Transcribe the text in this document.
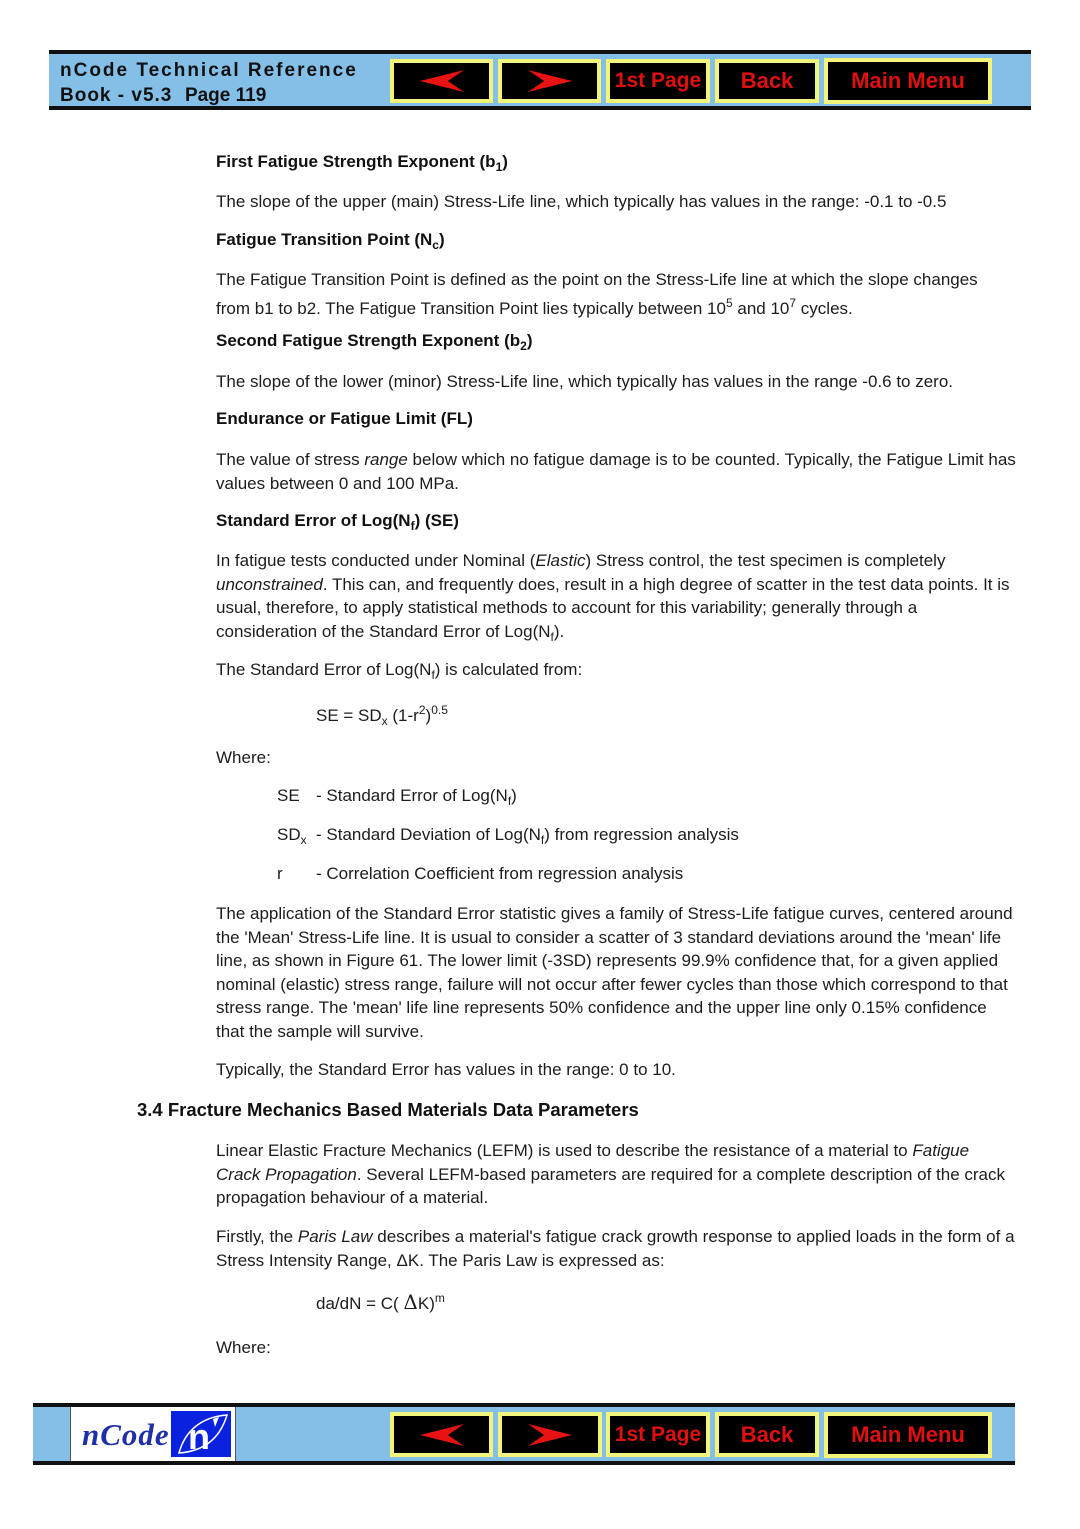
nCode Technical Reference
Book - v5.3 Page 119
1st Page	Back	Main Menu
First Fatigue Strength Exponent $(b_1)$
The slope of the upper (main) Stress-Life line, which typically has values in the range: -0.1 to -0.5
Fatigue Transition Point $(N_c)$
The Fatigue Transition Point is defined as the point on the Stress-Life line at which the slope changes
from b1 to b2. The Fatigue Transition Point lies typically between $10^5$ and $10^7$ cycles.
Second Fatigue Strength Exponent $(b_2)$
The slope of the lower (minor) Stress-Life line, which typically has values in the range -0.6 to zero.
Endurance or Fatigue Limit (FL)
The value of stress range below which no fatigue damage is to be counted. Typically, the Fatigue Limit has values between 0 and 100 MPa.
Standard Error of $Log(N_f)$ (SE)
In fatigue tests conducted under Nominal (Elastic) Stress control, the test specimen is completely unconstrained. This can, and frequently does, result in a high degree of scatter in the test data points. It is usual, therefore, to apply statistical methods to account for this variability; generally through a consideration of the Standard Error of $Log(N_f)$.
The Standard Error of $Log(N_f)$ is calculated from:
SE = $SD_x$ $(1-r^2)^{0.5}$
Where:
SE - Standard Error of $Log(N_f)$
$SD_x$ - Standard Deviation of $Log(N_f)$ from regression analysis
r - Correlation Coefficient from regression analysis
The application of the Standard Error statistic gives a family of Stress-Life fatigue curves, centered around the 'Mean' Stress-Life line. It is usual to consider a scatter of 3 standard deviations around the 'mean' life line, as shown in Figure 61. The lower limit (-3SD) represents 99.9% confidence that, for a given applied nominal (elastic) stress range, failure will not occur after fewer cycles than those which correspond to that stress range. The 'mean' life line represents 50% confidence and the upper line only 0.15% confidence that the sample will survive.
Typically, the Standard Error has values in the range: 0 to 10.
3.4 Fracture Mechanics Based Materials Data Parameters
Linear Elastic Fracture Mechanics (LEFM) is used to describe the resistance of a material to Fatigue Crack Propagation. Several LEFM-based parameters are required for a complete description of the crack propagation behaviour of a material.
Firstly, the Paris Law describes a material's fatigue crack growth response to applied loads in the form of a Stress Intensity Range, ΔK. The Paris Law is expressed as:
da/dN = C( ΔK)$^m$
Where:
nCode n	1st Page	Back	Main Menu
